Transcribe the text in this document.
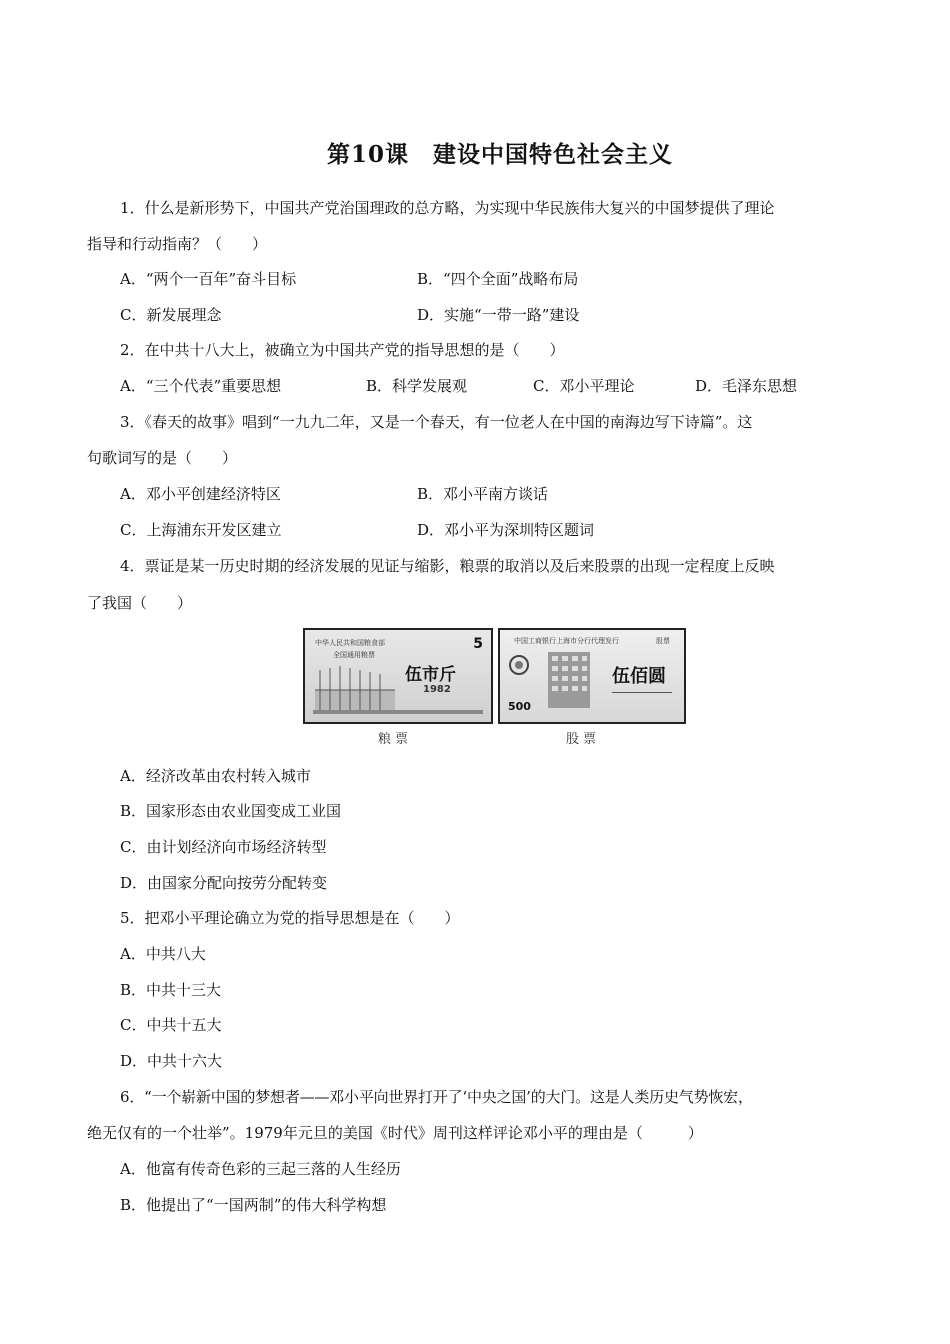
第10课　建设中国特色社会主义
1．什么是新形势下，中国共产党治国理政的总方略，为实现中华民族伟大复兴的中国梦提供了理论
指导和行动指南？（　　）
A．“两个一百年”奋斗目标	B．“四个全面”战略布局
C．新发展理念	D．实施“一带一路”建设
2．在中共十八大上，被确立为中国共产党的指导思想的是（　　）
A．“三个代表”重要思想	B．科学发展观	C．邓小平理论	D．毛泽东思想
3．《春天的故事》唱到“一九九二年，又是一个春天，有一位老人在中国的南海边写下诗篇”。这
句歌词写的是（　　）
A．邓小平创建经济特区	B．邓小平南方谈话
C．上海浦东开发区建立	D．邓小平为深圳特区题词
4．票证是某一历史时期的经济发展的见证与缩影，粮票的取消以及后来股票的出现一定程度上反映
了我国（　　）
中华人民共和国粮食部
全国通用粮票
5
伍市斤
1982
中国工商银行上海市分行代理发行	股票
伍佰圆
500
粮票	股票
A．经济改革由农村转入城市
B．国家形态由农业国变成工业国
C．由计划经济向市场经济转型
D．由国家分配向按劳分配转变
5．把邓小平理论确立为党的指导思想是在（　　）
A．中共八大
B．中共十三大
C．中共十五大
D．中共十六大
6．“一个崭新中国的梦想者——邓小平向世界打开了‘中央之国’的大门。这是人类历史气势恢宏，
绝无仅有的一个壮举”。1979年元旦的美国《时代》周刊这样评论邓小平的理由是（　　　）
A．他富有传奇色彩的三起三落的人生经历
B．他提出了“一国两制”的伟大科学构想
